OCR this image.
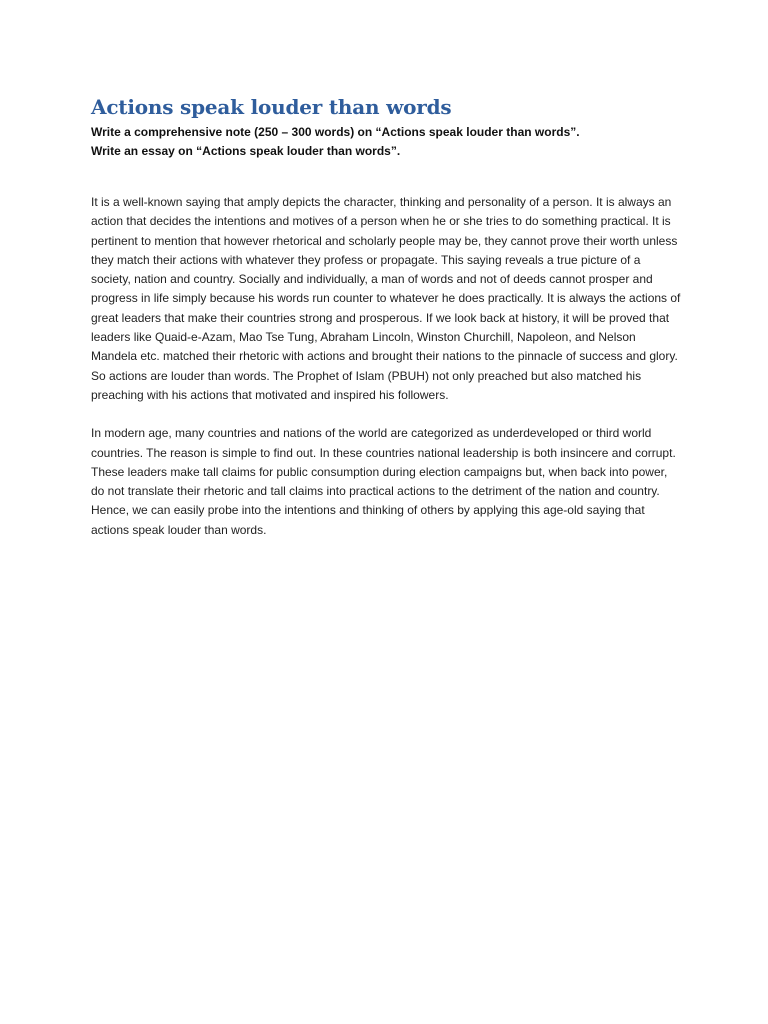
Actions speak louder than words

Write a comprehensive note (250 – 300 words) on “Actions speak louder than words”.

Write an essay on “Actions speak louder than words”.

It is a well-known saying that amply depicts the character, thinking and personality of a person. It is always an action that decides the intentions and motives of a person when he or she tries to do something practical. It is pertinent to mention that however rhetorical and scholarly people may be, they cannot prove their worth unless they match their actions with whatever they profess or propagate. This saying reveals a true picture of a society, nation and country. Socially and individually, a man of words and not of deeds cannot prosper and progress in life simply because his words run counter to whatever he does practically. It is always the actions of great leaders that make their countries strong and prosperous. If we look back at history, it will be proved that leaders like Quaid-e-Azam, Mao Tse Tung, Abraham Lincoln, Winston Churchill, Napoleon, and Nelson Mandela etc. matched their rhetoric with actions and brought their nations to the pinnacle of success and glory. So actions are louder than words. The Prophet of Islam (PBUH) not only preached but also matched his preaching with his actions that motivated and inspired his followers.

In modern age, many countries and nations of the world are categorized as underdeveloped or third world countries. The reason is simple to find out. In these countries national leadership is both insincere and corrupt. These leaders make tall claims for public consumption during election campaigns but, when back into power, do not translate their rhetoric and tall claims into practical actions to the detriment of the nation and country. Hence, we can easily probe into the intentions and thinking of others by applying this age-old saying that actions speak louder than words.
